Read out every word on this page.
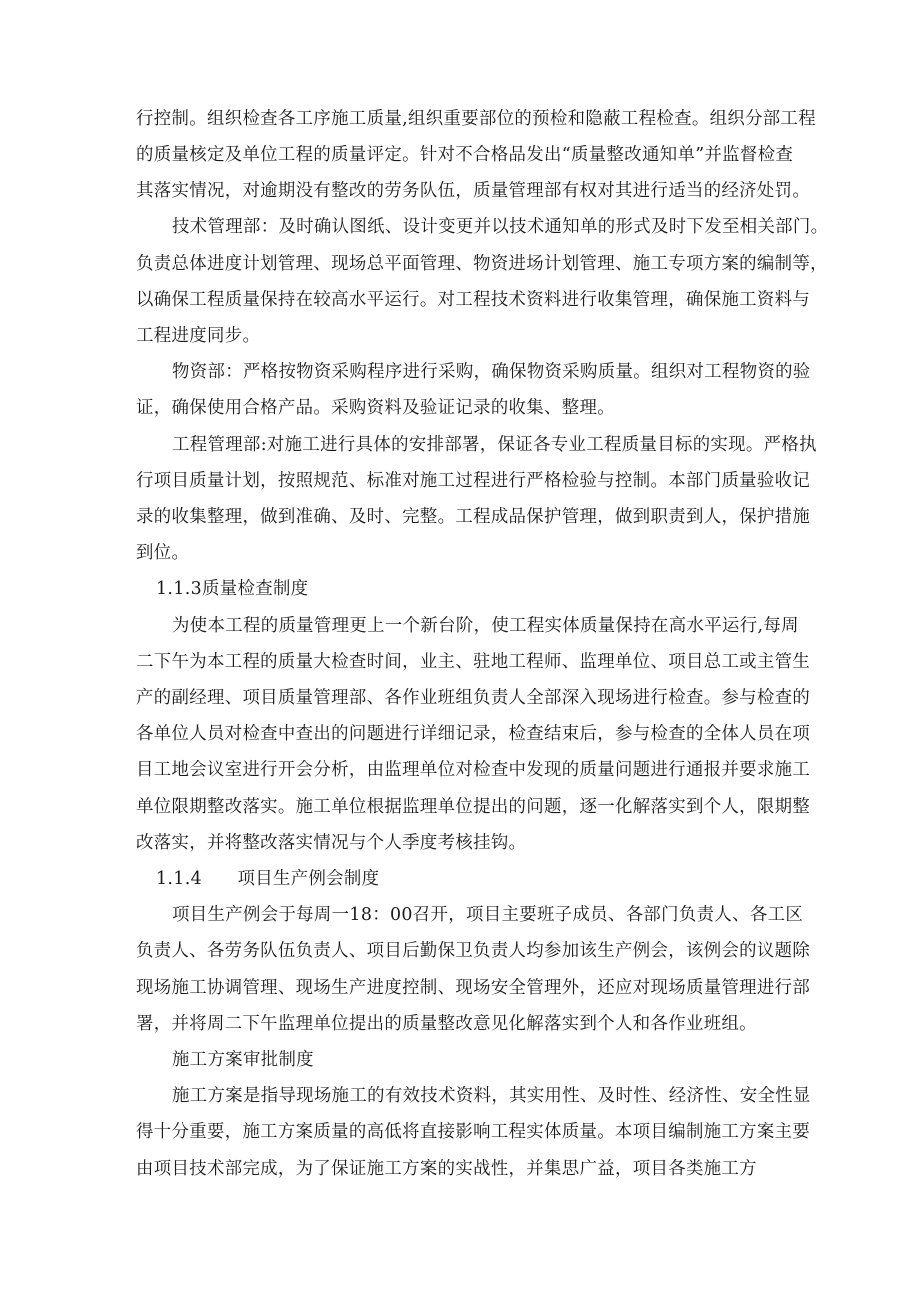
行控制。组织检查各工序施工质量,组织重要部位的预检和隐蔽工程检查。组织分部工程
的质量核定及单位工程的质量评定。针对不合格品发出“质量整改通知单”并监督检查
其落实情况，对逾期没有整改的劳务队伍，质量管理部有权对其进行适当的经济处罚。
技术管理部：及时确认图纸、设计变更并以技术通知单的形式及时下发至相关部门。
负责总体进度计划管理、现场总平面管理、物资进场计划管理、施工专项方案的编制等，
以确保工程质量保持在较高水平运行。对工程技术资料进行收集管理，确保施工资料与
工程进度同步。
物资部：严格按物资采购程序进行采购，确保物资采购质量。组织对工程物资的验
证，确保使用合格产品。采购资料及验证记录的收集、整理。
工程管理部:对施工进行具体的安排部署，保证各专业工程质量目标的实现。严格执
行项目质量计划，按照规范、标准对施工过程进行严格检验与控制。本部门质量验收记
录的收集整理，做到准确、及时、完整。工程成品保护管理，做到职责到人，保护措施
到位。
1.1.3质量检查制度
为使本工程的质量管理更上一个新台阶，使工程实体质量保持在高水平运行,每周
二下午为本工程的质量大检查时间，业主、驻地工程师、监理单位、项目总工或主管生
产的副经理、项目质量管理部、各作业班组负责人全部深入现场进行检查。参与检查的
各单位人员对检查中查出的问题进行详细记录，检查结束后，参与检查的全体人员在项
目工地会议室进行开会分析，由监理单位对检查中发现的质量问题进行通报并要求施工
单位限期整改落实。施工单位根据监理单位提出的问题，逐一化解落实到个人，限期整
改落实，并将整改落实情况与个人季度考核挂钩。
1.1.4　　项目生产例会制度
项目生产例会于每周一18：00召开，项目主要班子成员、各部门负责人、各工区
负责人、各劳务队伍负责人、项目后勤保卫负责人均参加该生产例会，该例会的议题除
现场施工协调管理、现场生产进度控制、现场安全管理外，还应对现场质量管理进行部
署，并将周二下午监理单位提出的质量整改意见化解落实到个人和各作业班组。
施工方案审批制度
施工方案是指导现场施工的有效技术资料，其实用性、及时性、经济性、安全性显
得十分重要，施工方案质量的高低将直接影响工程实体质量。本项目编制施工方案主要
由项目技术部完成，为了保证施工方案的实战性，并集思广益，项目各类施工方
